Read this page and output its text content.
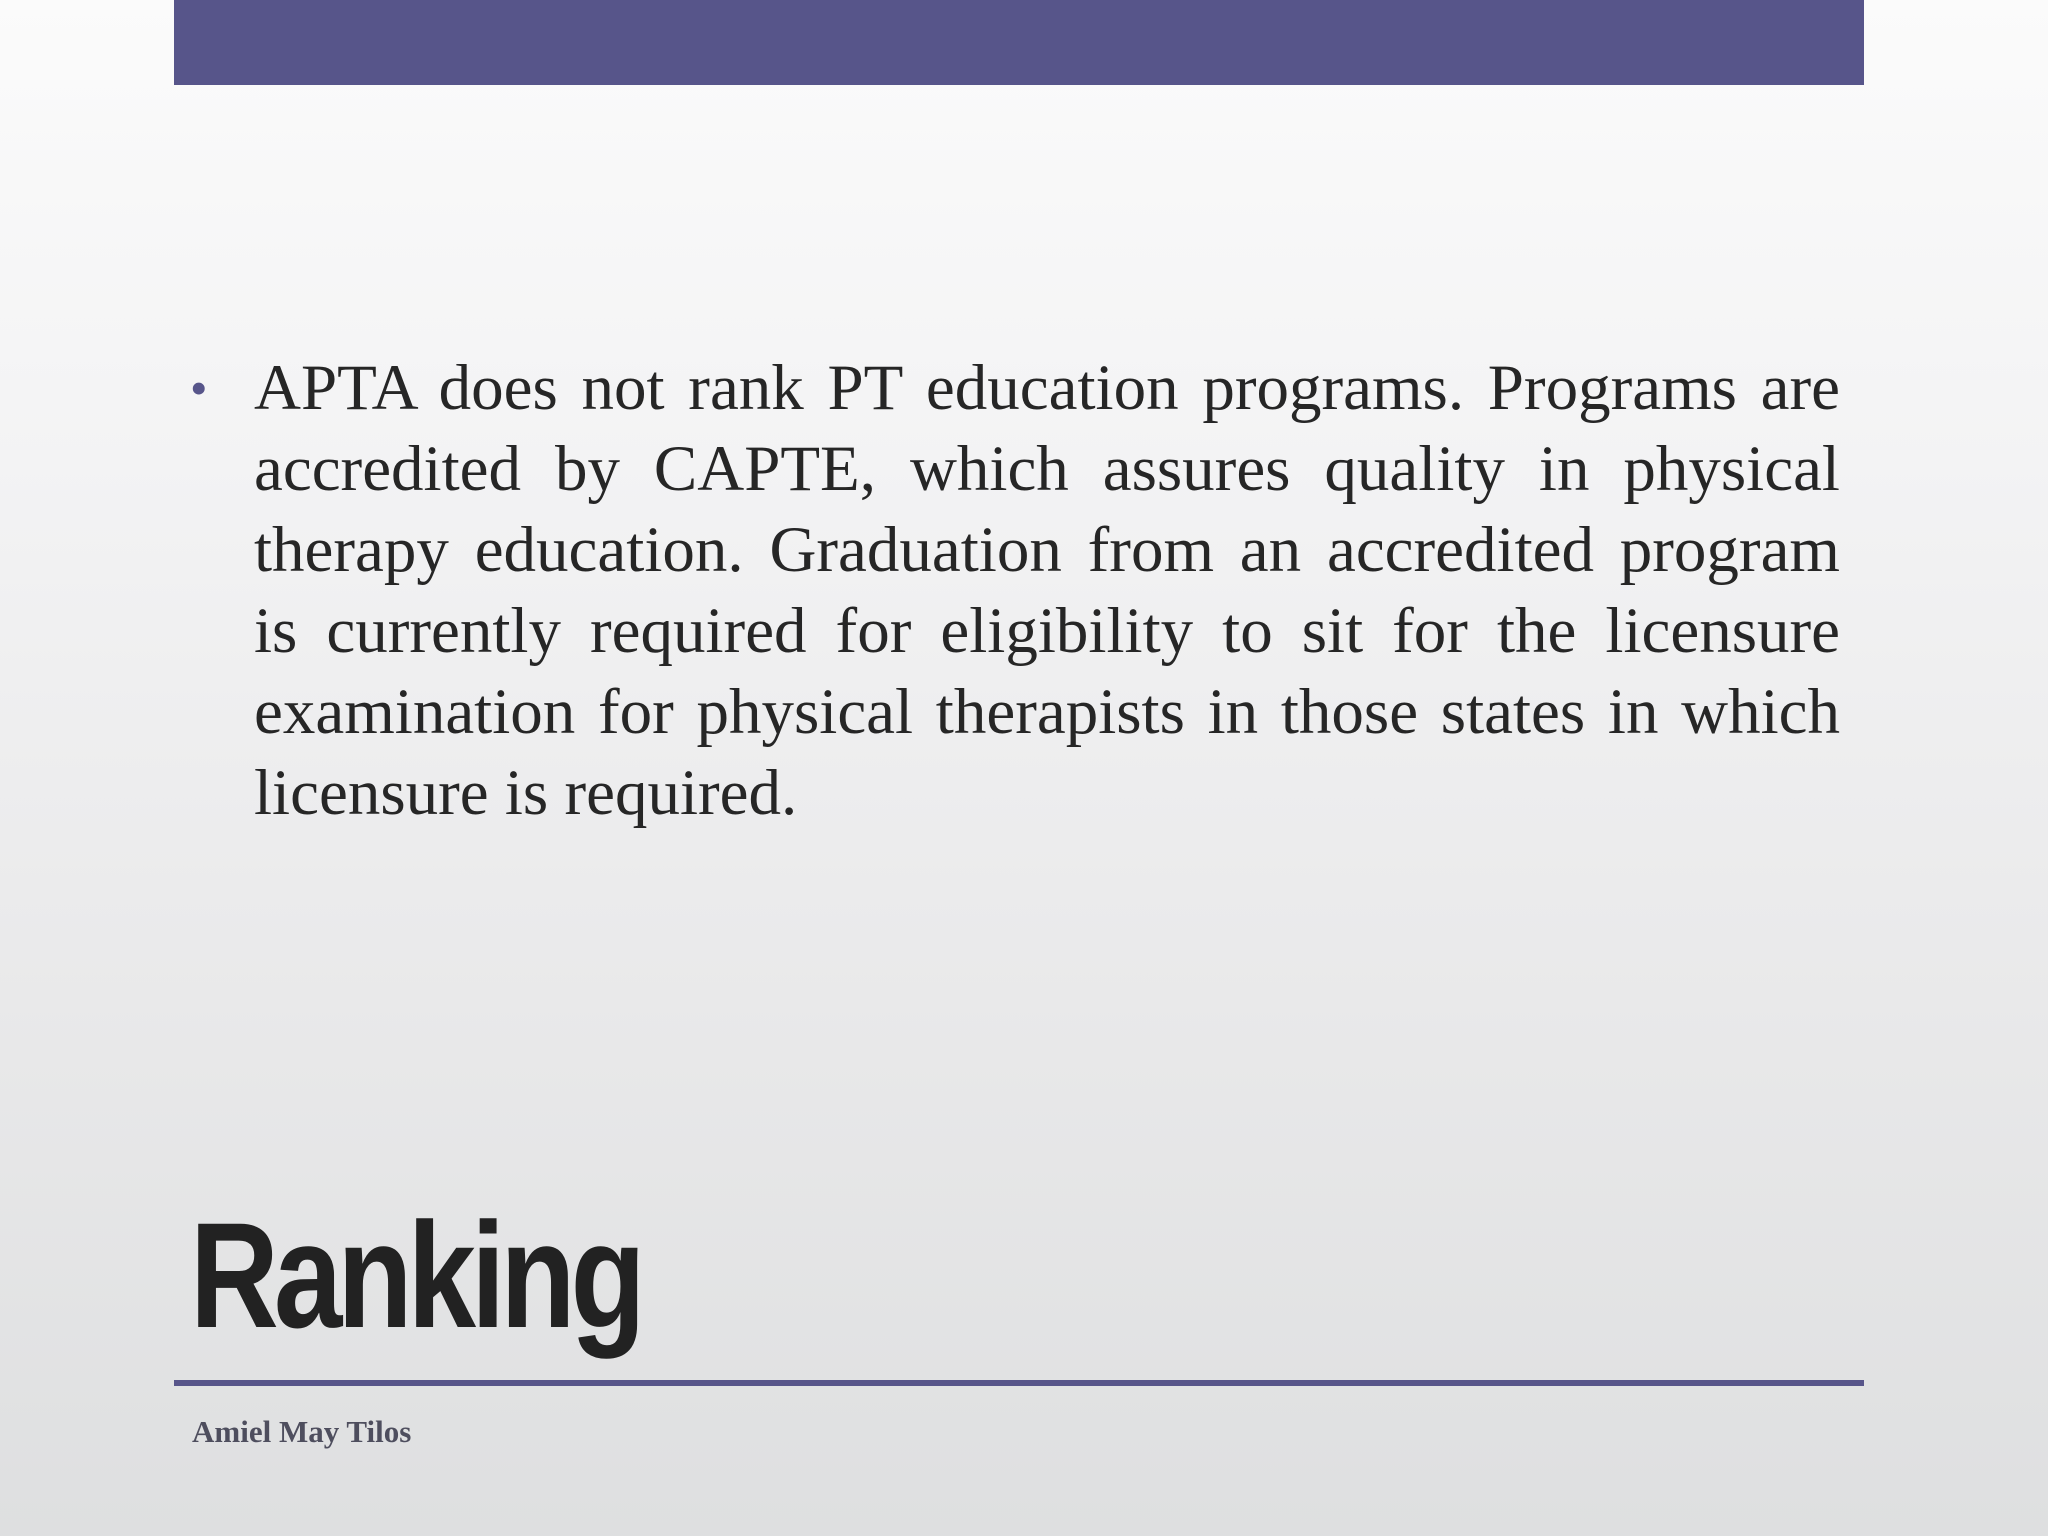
• APTA does not rank PT education programs. Programs are accredited by CAPTE, which assures quality in physical therapy education. Graduation from an accredited program is currently required for eligibility to sit for the licensure examination for physical therapists in those states in which licensure is required.
Ranking
Amiel May Tilos
